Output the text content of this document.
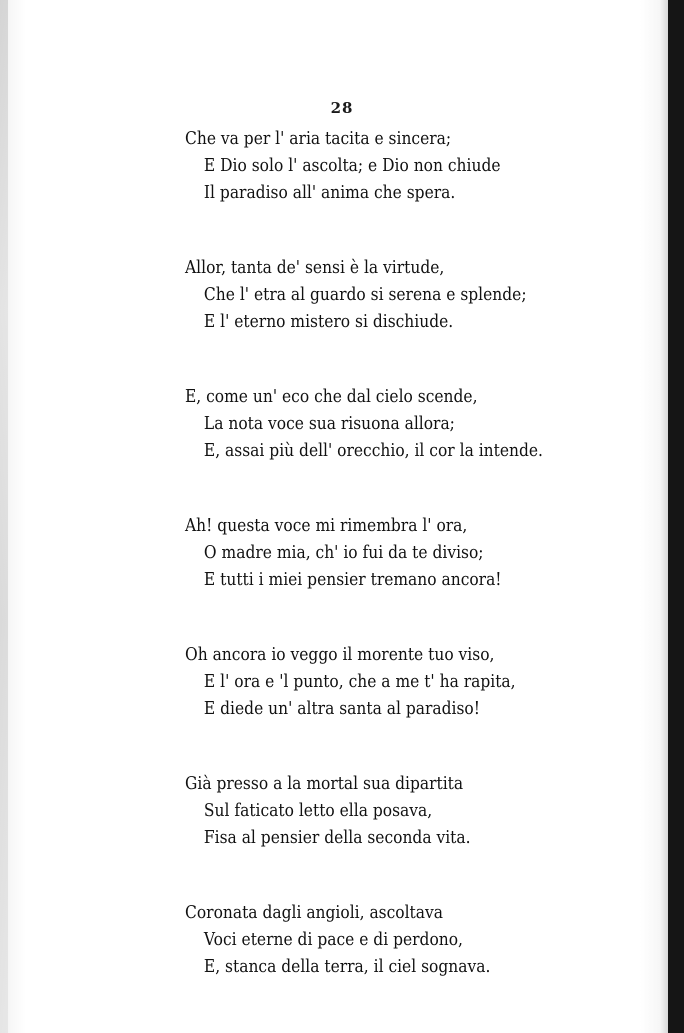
28
Che va per l' aria tacita e sincera;
E Dio solo l' ascolta; e Dio non chiude
Il paradiso all' anima che spera.
Allor, tanta de' sensi è la virtude,
Che l' etra al guardo si serena e splende;
E l' eterno mistero si dischiude.
E, come un' eco che dal cielo scende,
La nota voce sua risuona allora;
E, assai più dell' orecchio, il cor la intende.
Ah! questa voce mi rimembra l' ora,
O madre mia, ch' io fui da te diviso;
E tutti i miei pensier tremano ancora!
Oh ancora io veggo il morente tuo viso,
E l' ora e 'l punto, che a me t' ha rapita,
E diede un' altra santa al paradiso!
Già presso a la mortal sua dipartita
Sul faticato letto ella posava,
Fisa al pensier della seconda vita.
Coronata dagli angioli, ascoltava
Voci eterne di pace e di perdono,
E, stanca della terra, il ciel sognava.
